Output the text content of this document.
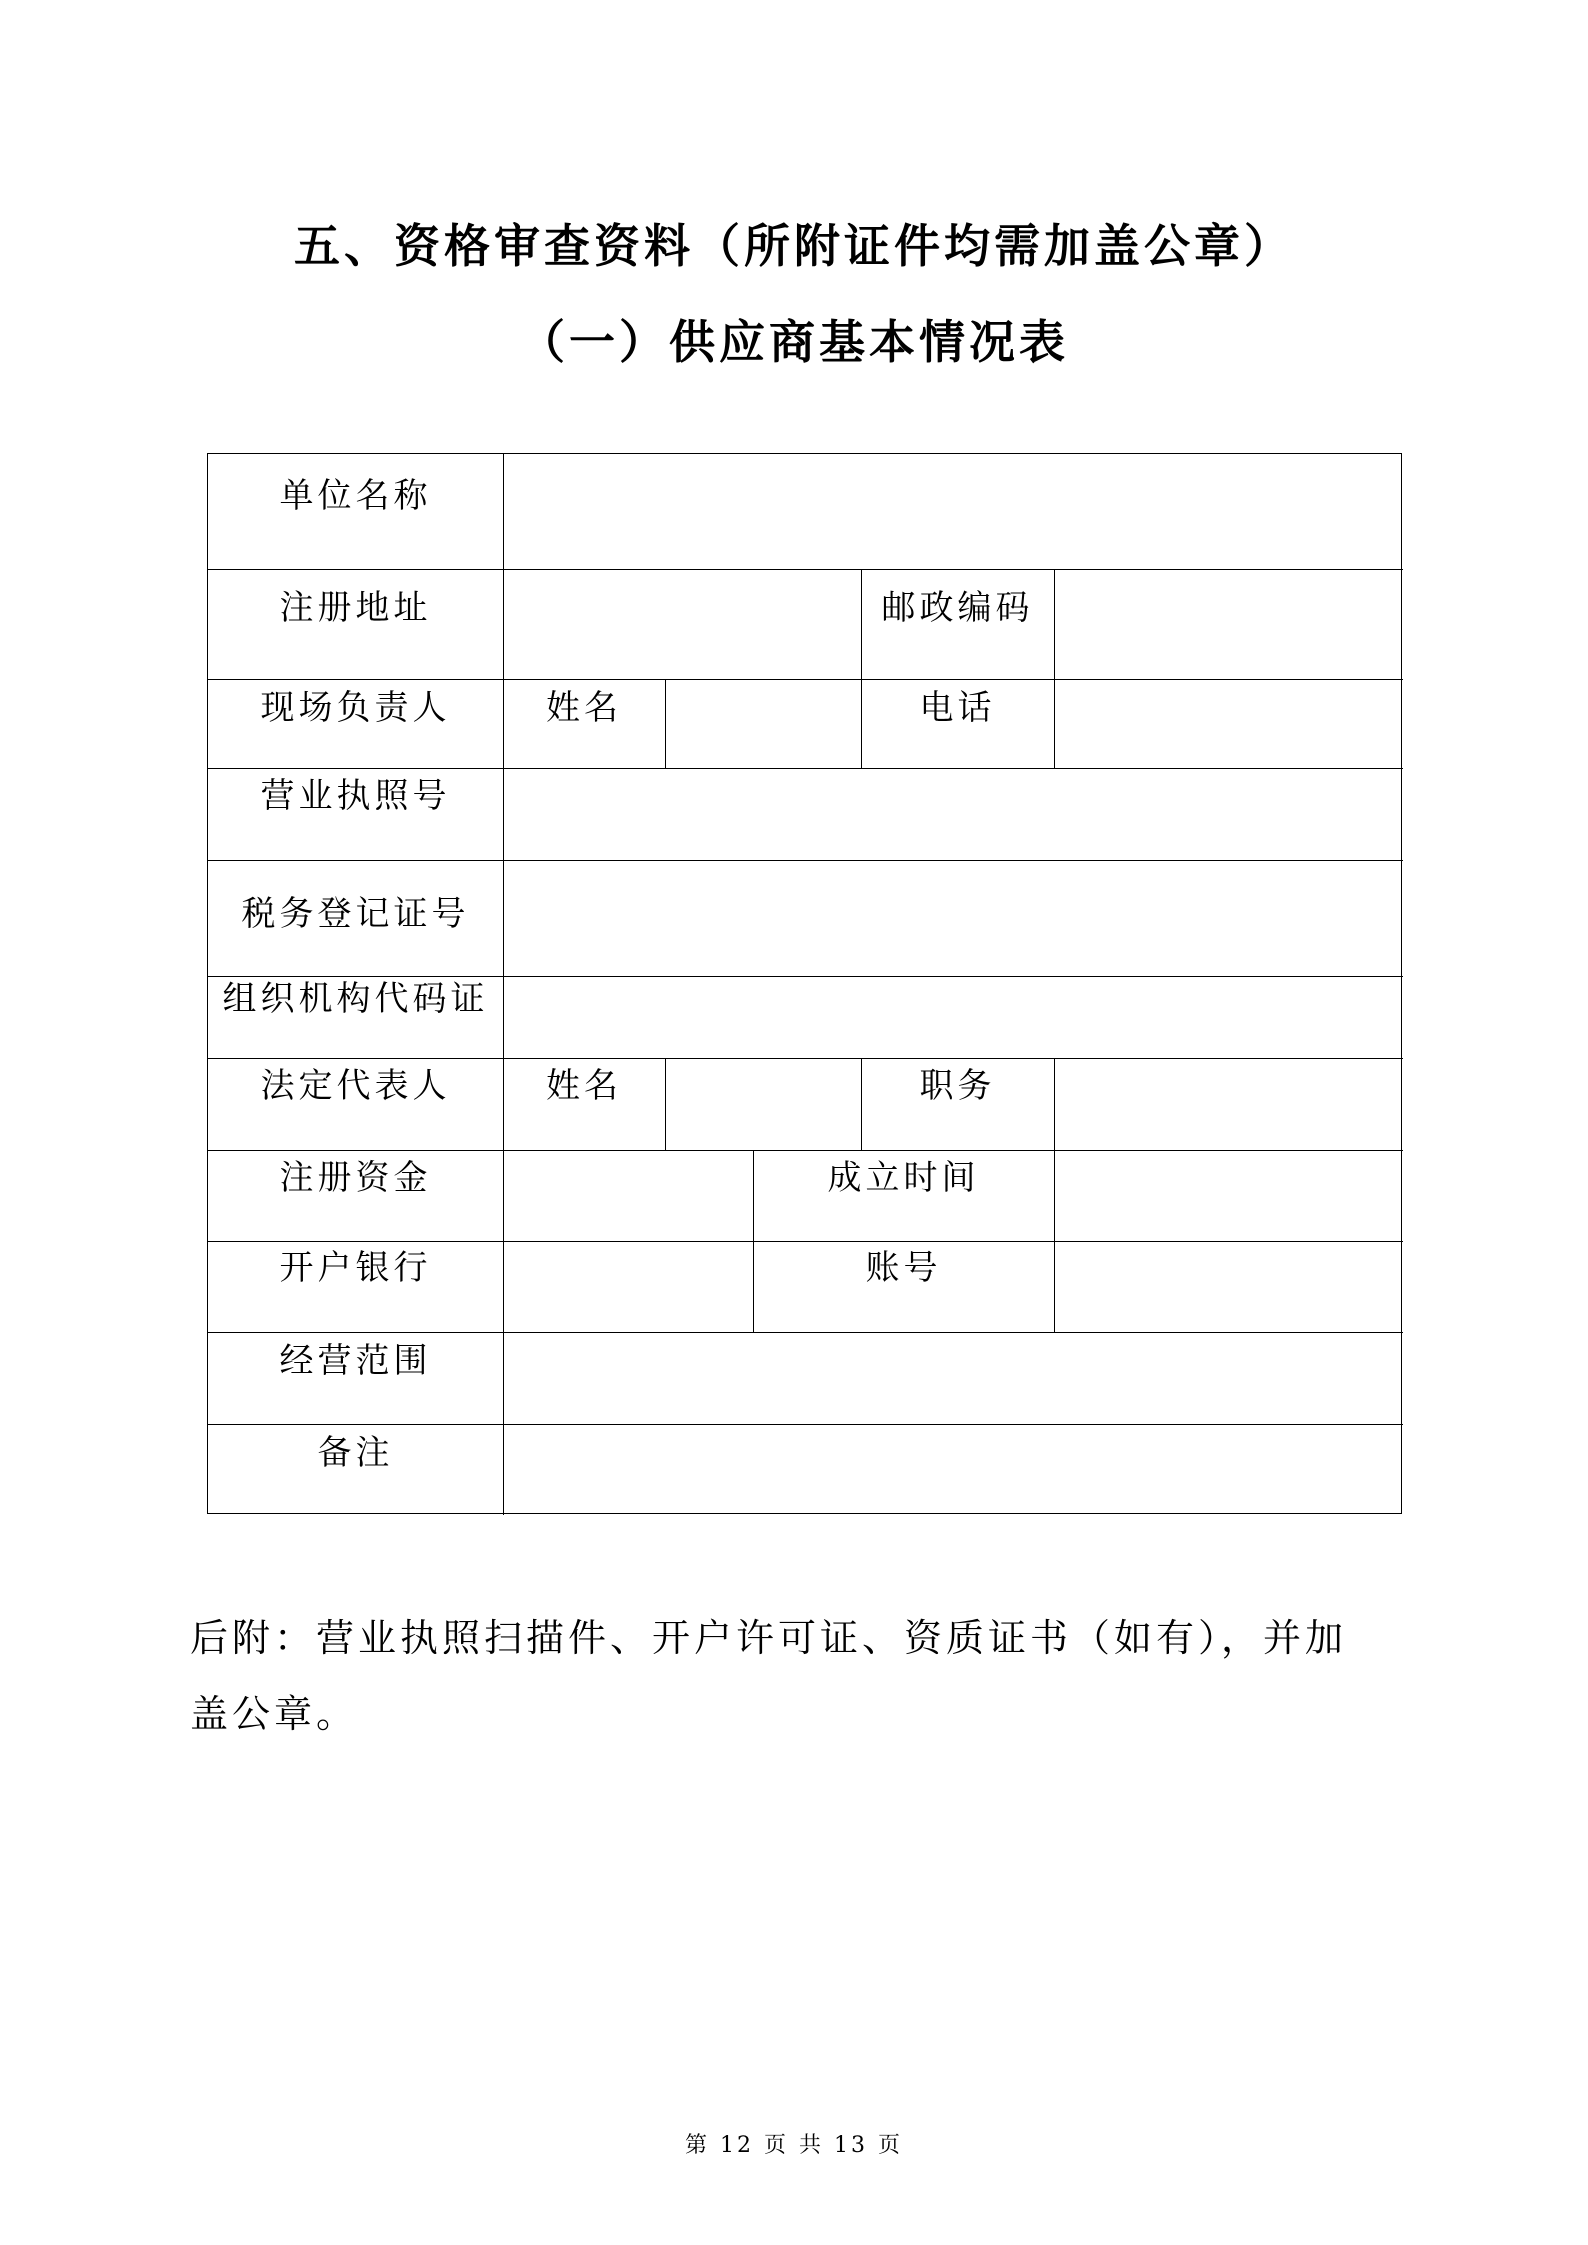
五、资格审查资料（所附证件均需加盖公章）
（一）供应商基本情况表
单位名称
注册地址	邮政编码
现场负责人	姓名	电话
营业执照号
税务登记证号
组织机构代码证
法定代表人	姓名	职务
注册资金	成立时间
开户银行	账号
经营范围
备注
后附：营业执照扫描件、开户许可证、资质证书（如有），并加
盖公章。
第 12 页 共 13 页
